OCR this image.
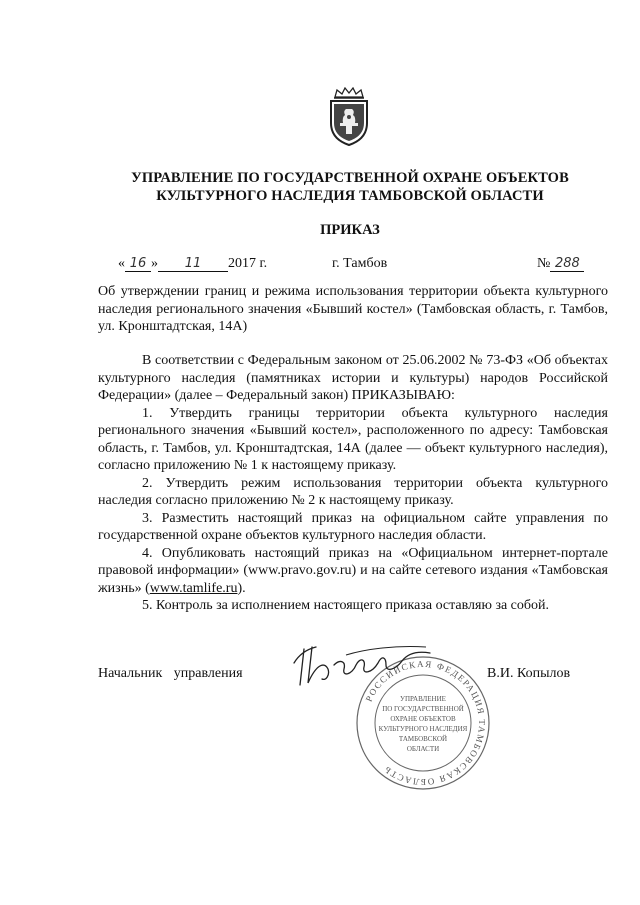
УПРАВЛЕНИЕ ПО ГОСУДАРСТВЕННОЙ ОХРАНЕ ОБЪЕКТОВ
КУЛЬТУРНОГО НАСЛЕДИЯ ТАМБОВСКОЙ ОБЛАСТИ
ПРИКАЗ
« 16 » 11 2017 г.	г. Тамбов	№ 288
Об утверждении границ и режима использования территории объекта культурного наследия регионального значения «Бывший костел» (Тамбовская область, г. Тамбов, ул. Кронштадтская, 14А)

В соответствии с Федеральным законом от 25.06.2002 № 73-ФЗ «Об объектах культурного наследия (памятниках истории и культуры) народов Российской Федерации» (далее – Федеральный закон) ПРИКАЗЫВАЮ:

1. Утвердить границы территории объекта культурного наследия регионального значения «Бывший костел», расположенного по адресу: Тамбовская область, г. Тамбов, ул. Кронштадтская, 14А (далее — объект культурного наследия), согласно приложению № 1 к настоящему приказу.

2. Утвердить режим использования территории объекта культурного наследия согласно приложению № 2 к настоящему приказу.

3. Разместить настоящий приказ на официальном сайте управления по государственной охране объектов культурного наследия области.

4. Опубликовать настоящий приказ на «Официальном интернет-портале правовой информации» (www.pravo.gov.ru) и на сайте сетевого издания «Тамбовская жизнь» (www.tamlife.ru).

5. Контроль за исполнением настоящего приказа оставляю за собой.

РОССИЙСКАЯ ФЕДЕРАЦИЯ ТАМБОВСКАЯ ОБЛАСТЬ
УПРАВЛЕНИЕ
ПО ГОСУДАРСТВЕННОЙ
ОХРАНЕ ОБЪЕКТОВ
КУЛЬТУРНОГО НАСЛЕДИЯ
ТАМБОВСКОЙ
ОБЛАСТИ
Начальник управления	В.И. Копылов
